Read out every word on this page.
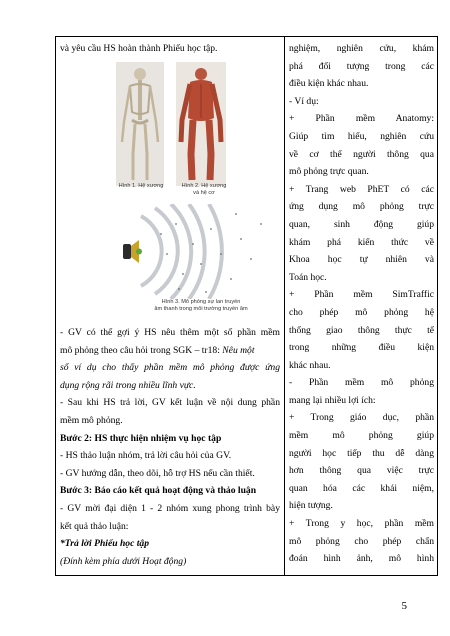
và yêu cầu HS hoàn thành Phiếu học tập.
Hình 1. Hệ xương	Hình 2. Hệ xương
và hệ cơ
Hình 3. Mô phỏng sự lan truyền
âm thanh trong môi trường truyền âm
- GV có thể gợi ý HS nêu thêm một số phần mềm
mô phỏng theo câu hỏi trong SGK – tr18: Nêu một
số ví dụ cho thấy phần mềm mô phỏng được ứng
dụng rộng rãi trong nhiều lĩnh vực.
- Sau khi HS trả lời, GV kết luận về nội dung phần
mềm mô phỏng.
Bước 2: HS thực hiện nhiệm vụ học tập
- HS thảo luận nhóm, trả lời câu hỏi của GV.
- GV hướng dẫn, theo dõi, hỗ trợ HS nếu cần thiết.
Bước 3: Báo cáo kết quả hoạt động và thảo luận
- GV mời đại diện 1 - 2 nhóm xung phong trình bày
kết quả thảo luận:
*Trả lời Phiếu học tập
(Đính kèm phía dưới Hoạt động)
nghiệm, nghiên cứu, khám
phá đối tượng trong các
điều kiện khác nhau.
- Ví dụ:
+ Phần mềm Anatomy:
Giúp tìm hiểu, nghiên cứu
về cơ thể người thông qua
mô phỏng trực quan.
+ Trang web PhET có các
ứng dụng mô phỏng trực
quan, sinh động giúp
khám phá kiến thức về
Khoa học tự nhiên và
Toán học.
+ Phần mềm SimTraffic
cho phép mô phỏng hệ
thống giao thông thực tế
trong những điều kiện
khác nhau.
- Phần mềm mô phỏng
mang lại nhiều lợi ích:
+ Trong giáo dục, phần
mềm mô phỏng giúp
người học tiếp thu dễ dàng
hơn thông qua việc trực
quan hóa các khái niệm,
hiện tượng.
+ Trong y học, phần mềm
mô phỏng cho phép chẩn
đoán hình ảnh, mô hình
5
